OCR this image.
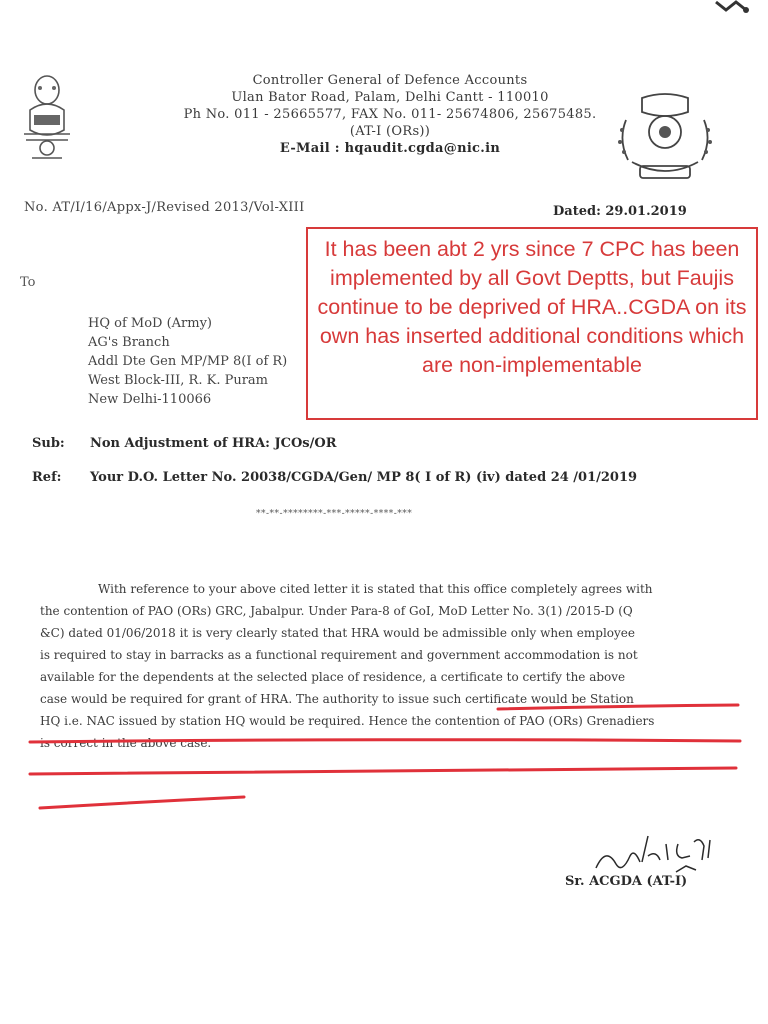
Controller General of Defence Accounts
Ulan Bator Road, Palam, Delhi Cantt - 110010
Ph No. 011 - 25665577, FAX No. 011- 25674806, 25675485.
(AT-I (ORs))
E-Mail : hqaudit.cgda@nic.in
No. AT/I/16/Appx-J/Revised 2013/Vol-XIII	Dated: 29.01.2019
To
HQ of MoD (Army)
AG's Branch
Addl Dte Gen MP/MP 8(I of R)
West Block-III, R. K. Puram
New Delhi-110066
It has been abt 2 yrs since 7 CPC has been implemented by all Govt Deptts, but Faujis continue to be deprived of HRA..CGDA on its own has inserted additional conditions which are non-implementable
Sub: Non Adjustment of HRA: JCOs/OR
Ref: Your D.O. Letter No. 20038/CGDA/Gen/ MP 8( I of R) (iv) dated 24 /01/2019
**-**-********-***-*****-****-***
With reference to your above cited letter it is stated that this office completely agrees with
the contention of PAO (ORs) GRC, Jabalpur. Under Para-8 of GoI, MoD Letter No. 3(1) /2015-D (Q
&C) dated 01/06/2018 it is very clearly stated that HRA would be admissible only when employee
is required to stay in barracks as a functional requirement and government accommodation is not
available for the dependents at the selected place of residence, a certificate to certify the above
case would be required for grant of HRA. The authority to issue such certificate would be Station
HQ i.e. NAC issued by station HQ would be required. Hence the contention of PAO (ORs) Grenadiers
is correct in the above case.
Sr. ACGDA (AT-I)
